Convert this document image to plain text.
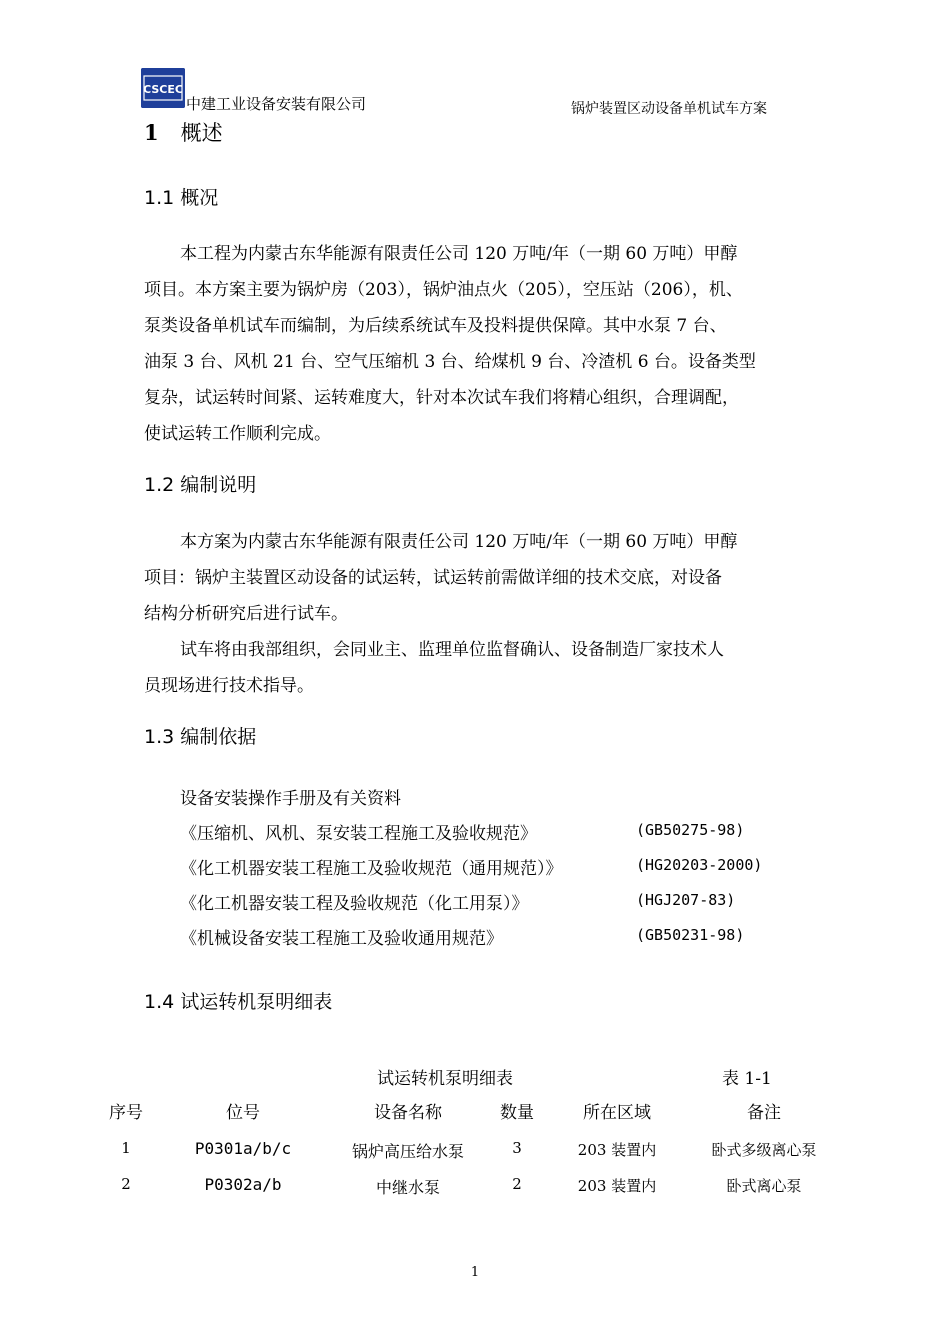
CSCEC
中建工业设备安装有限公司	锅炉装置区动设备单机试车方案
1 概述
1.1 概况
本工程为内蒙古东华能源有限责任公司 120 万吨/年（一期 60 万吨）甲醇
项目。本方案主要为锅炉房（203），锅炉油点火（205），空压站（206），机、
泵类设备单机试车而编制，为后续系统试车及投料提供保障。其中水泵 7 台、
油泵 3 台、风机 21 台、空气压缩机 3 台、给煤机 9 台、冷渣机 6 台。设备类型
复杂，试运转时间紧、运转难度大，针对本次试车我们将精心组织，合理调配，
使试运转工作顺利完成。
1.2 编制说明
本方案为内蒙古东华能源有限责任公司 120 万吨/年（一期 60 万吨）甲醇
项目：锅炉主装置区动设备的试运转，试运转前需做详细的技术交底，对设备
结构分析研究后进行试车。
试车将由我部组织，会同业主、监理单位监督确认、设备制造厂家技术人
员现场进行技术指导。
1.3 编制依据
设备安装操作手册及有关资料
《压缩机、风机、泵安装工程施工及验收规范》	(GB50275-98)
《化工机器安装工程施工及验收规范（通用规范）》	(HG20203-2000)
《化工机器安装工程及验收规范（化工用泵）》	(HGJ207-83)
《机械设备安装工程施工及验收通用规范》	(GB50231-98)
1.4 试运转机泵明细表
试运转机泵明细表	表 1-1
序号	位号	设备名称	数量	所在区域	备注
1	P0301a/b/c	锅炉高压给水泵	3	203 装置内	卧式多级离心泵
2	P0302a/b	中继水泵	2	203 装置内	卧式离心泵
1
